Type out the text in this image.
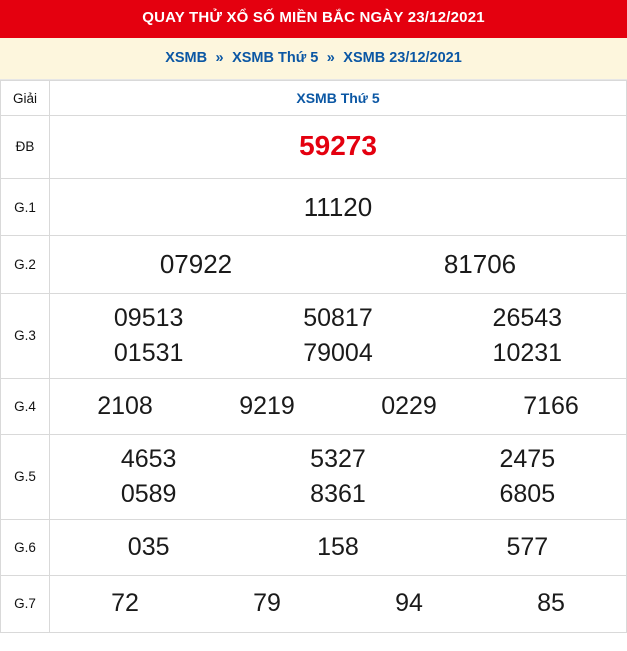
QUAY THỬ XỔ SỐ MIỀN BẮC NGÀY 23/12/2021
XSMB » XSMB Thứ 5 » XSMB 23/12/2021
Giải	XSMB Thứ 5
ĐB	59273

G.1	11120

G.2	07922 81706

G.3	
09513	50817	26543
01531	79004	10231

G.4	2108 9219 0229 7166

G.5	
4653	5327	2475
0589	8361	6805

G.6	035 158 577

G.7	72 79 94 85
